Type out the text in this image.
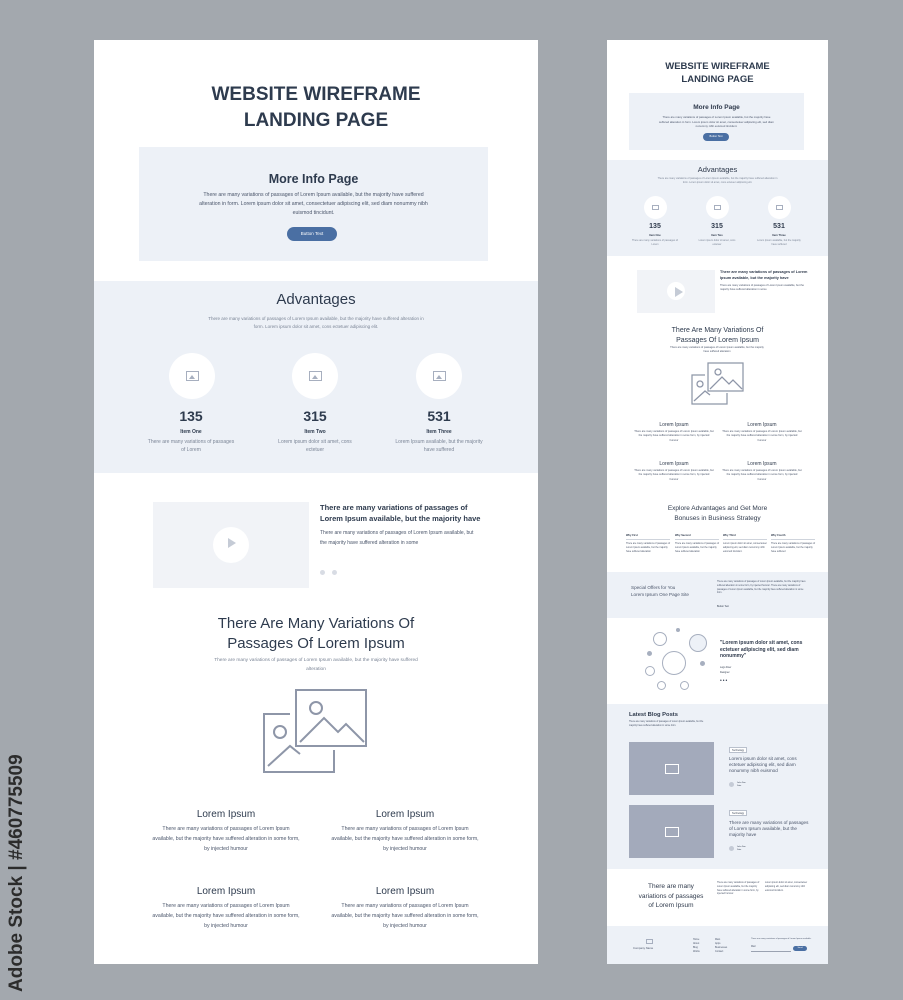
WEBSITE WIREFRAME
LANDING PAGE
More Info Page

There are many variations of passages of Lorem Ipsum available, but the majority have suffered alteration in form. Lorem ipsum dolor sit amet, consectetuer adipiscing elit, sed diam nonummy nibh euismod tincidunt.

Button Text
Advantages

There are many variations of passages of Lorem Ipsum available, but the majority have suffered alteration in form. Lorem ipsum dolor sit amet, cons ectetuer adipiscing elit.

135
Item One
There are many variations of passages of Lorem
315
Item Two
Lorem ipsum dolor sit amet, cons ectetuer
531
Item Three
Lorem Ipsum available, but the majority have suffered
There are many variations of passages of Lorem Ipsum available, but the majority have
There are many variations of passages of Lorem Ipsum available, but the majority have suffered alteration in some
There Are Many Variations Of
Passages Of Lorem Ipsum
There are many variations of passages of Lorem Ipsum available, but the majority have suffered alteration
Lorem Ipsum

There are many variations of passages of Lorem Ipsum available, but the majority have suffered alteration in some form, by injected humour

Lorem Ipsum

There are many variations of passages of Lorem Ipsum available, but the majority have suffered alteration in some form, by injected humour

Lorem Ipsum

There are many variations of passages of Lorem Ipsum available, but the majority have suffered alteration in some form, by injected humour

Lorem Ipsum

There are many variations of passages of Lorem Ipsum available, but the majority have suffered alteration in some form, by injected humour

WEBSITE WIREFRAME
LANDING PAGE
More Info Page

There are many variations of passages of Lorem Ipsum available, but the majority have suffered alteration in form. Lorem ipsum dolor sit amet, consectetuer adipiscing elit, sed diam nonummy nibh euismod tincidunt.

Button Text
Advantages

There are many variations of passages of Lorem Ipsum available, but the majority have suffered alteration in form. Lorem ipsum dolor sit amet, cons ectetuer adipiscing elit.

135
Item One
There are many variations of passages of Lorem
315
Item Two
Lorem ipsum dolor sit amet, cons ectetuer
531
Item Three
Lorem Ipsum available, but the majority have suffered
There are many variations of passages of Lorem Ipsum available, but the majority have
There are many variations of passages of Lorem Ipsum available, but the majority have suffered alteration in some
There Are Many Variations Of
Passages Of Lorem Ipsum
There are many variations of passages of Lorem Ipsum available, but the majority have suffered alteration
Lorem Ipsum

There are many variations of passages of Lorem Ipsum available, but the majority have suffered alteration in some form, by injected humour

Lorem Ipsum

There are many variations of passages of Lorem Ipsum available, but the majority have suffered alteration in some form, by injected humour

Lorem Ipsum

There are many variations of passages of Lorem Ipsum available, but the majority have suffered alteration in some form, by injected humour

Lorem Ipsum

There are many variations of passages of Lorem Ipsum available, but the majority have suffered alteration in some form, by injected humour

Explore Advantages and Get More
Bonuses in Business Strategy
Why First
There are many variations of passages of Lorem Ipsum available, but the majority have suffered alteration
Why Second
There are many variations of passages of Lorem Ipsum available, but the majority have suffered alteration
Why Third
Lorem ipsum dolor sit amet, consectetuer adipiscing elit, sed diam nonummy nibh euismod tincidunt.
Why Fourth
There are many variations of passages of Lorem Ipsum available, but the majority have suffered
Special Offers for You
Lorem Ipsum One Page Site
There are many variations of passages of Lorem Ipsum available, but the majority have suffered alteration in some form, by injected humour. There are many variations of passages of Lorem Ipsum available, but the majority have suffered alteration in some form.
Button Text
"Lorem ipsum dolor sit amet, cons ectetuer adipiscing elit, sed diam nonummy"
Logo Fixer
Designer
•••
Latest Blog Posts
There are many variations of passages of Lorem Ipsum available, but the majority have suffered alteration in some form.
Technology
Lorem ipsum dolor sit amet, cons ectetuer adipiscing elit, sed diam nonummy nibh euismod
John Doe
Date
Technology
There are many variations of passages of Lorem Ipsum available, but the majority have
John Doe
Date
There are many
variations of passages
of Lorem Ipsum
There are many variations of passages of Lorem Ipsum available, but the majority have suffered alteration in some form, by injected humour.
Lorem ipsum dolor sit amet, consectetuer adipiscing elit, sed diam nonummy nibh euismod tincidunt.
Company Name
Home
About
Blog
Works
Main
Apps
Businesses
Contact
There are many variations of passages of Lorem Ipsum available.
Mail	Send
Adobe Stock | #460775509
